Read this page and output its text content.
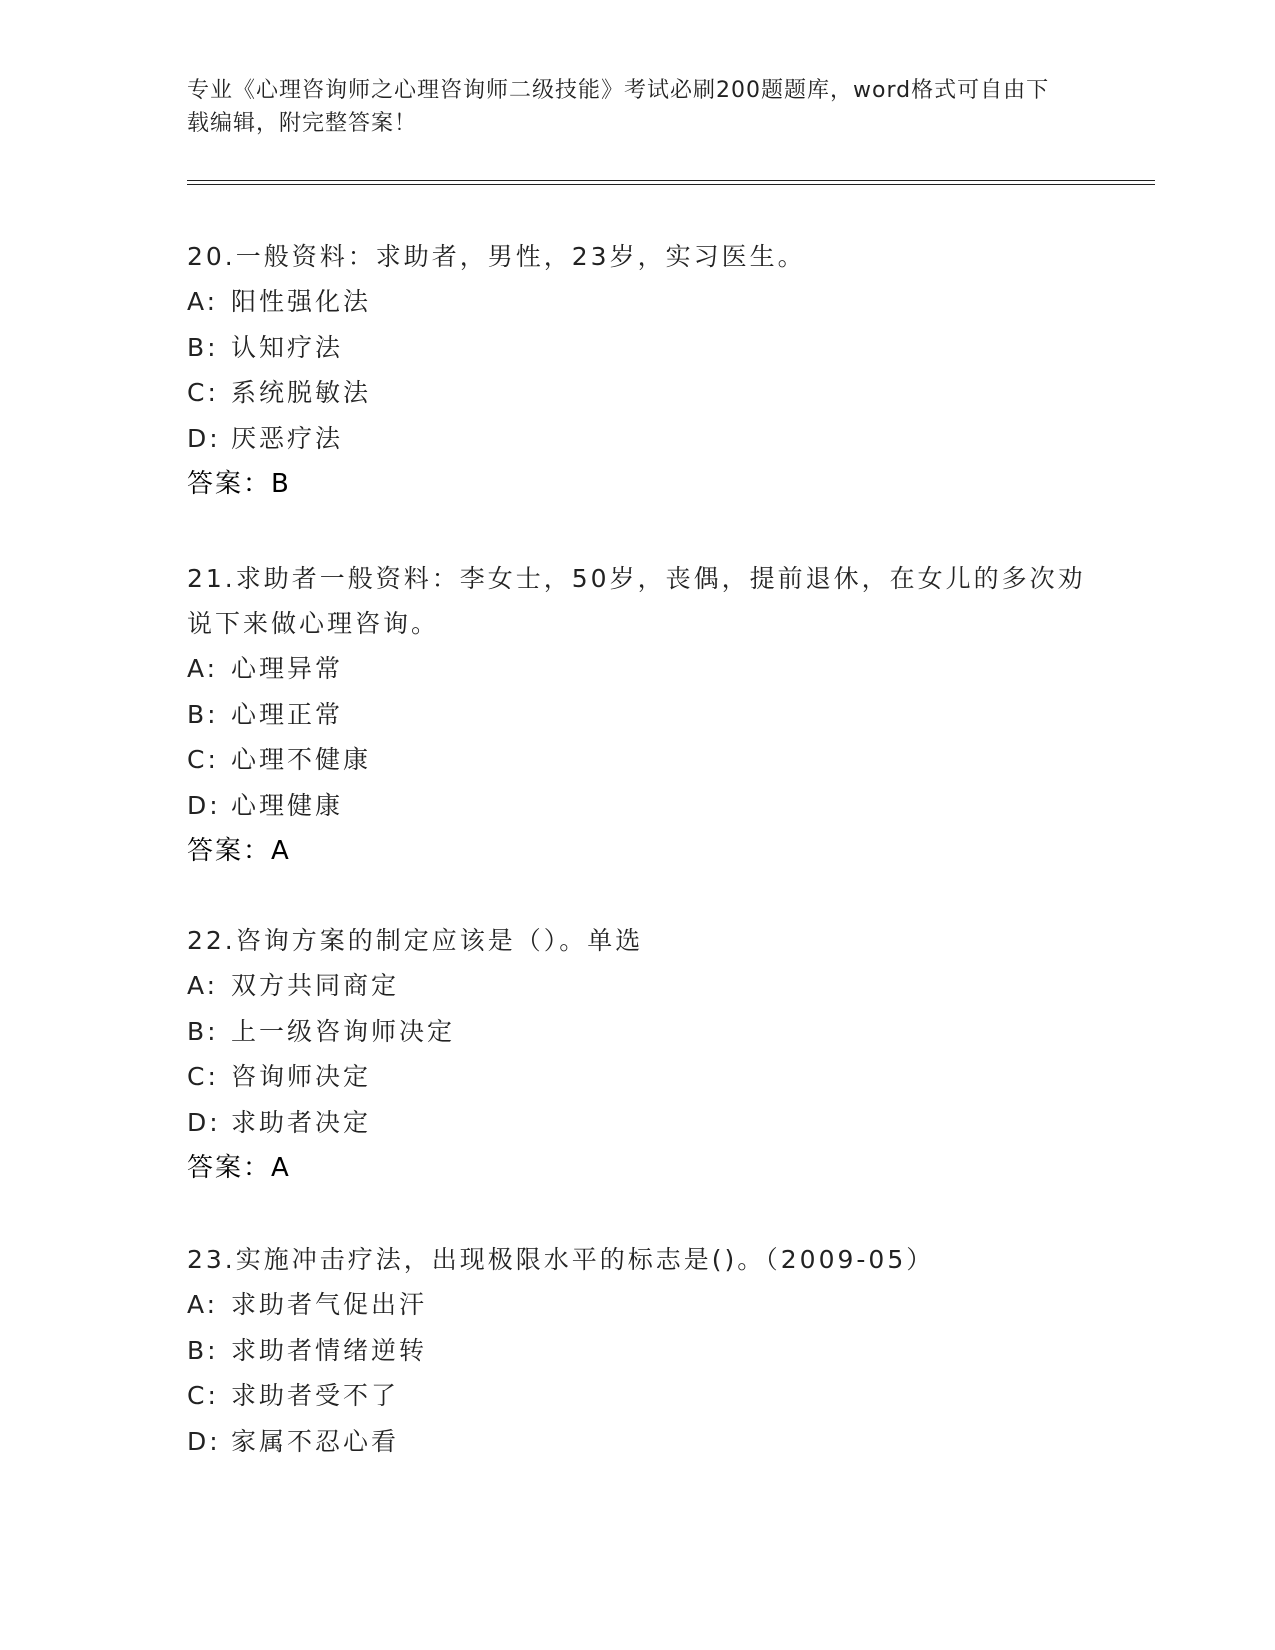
专业《心理咨询师之心理咨询师二级技能》考试必刷200题题库，word格式可自由下载编辑，附完整答案！

20.一般资料：求助者，男性，23岁，实习医生。

A: 阳性强化法

B: 认知疗法

C: 系统脱敏法

D: 厌恶疗法

答案：B

21.求助者一般资料：李女士，50岁，丧偶，提前退休，在女儿的多次劝说下来做心理咨询。

A: 心理异常

B: 心理正常

C: 心理不健康

D: 心理健康

答案：A

22.咨询方案的制定应该是（）。单选

A: 双方共同商定

B: 上一级咨询师决定

C: 咨询师决定

D: 求助者决定

答案：A

23.实施冲击疗法，出现极限水平的标志是()。（2009-05）

A: 求助者气促出汗

B: 求助者情绪逆转

C: 求助者受不了

D: 家属不忍心看
